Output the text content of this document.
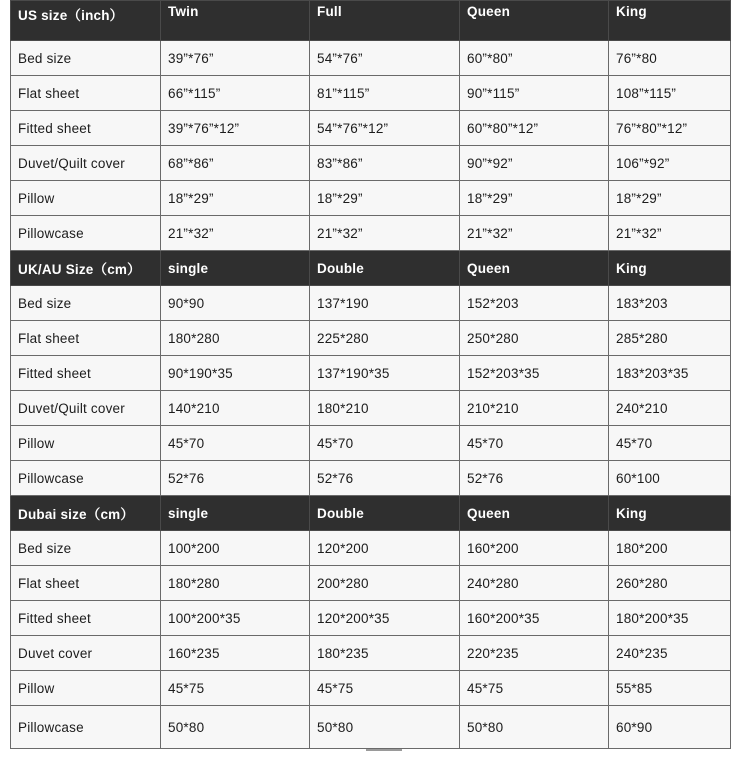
US size（inch）	Twin	Full	Queen	King
Bed size	39”*76”	54”*76”	60”*80”	76”*80
Flat sheet	66”*115”	81”*115”	90”*115”	108”*115”
Fitted sheet	39”*76”*12”	54”*76”*12”	60”*80”*12”	76”*80”*12”
Duvet/Quilt cover	68”*86”	83”*86”	90”*92”	106”*92”
Pillow	18”*29”	18”*29”	18”*29”	18”*29”
Pillowcase	21”*32”	21”*32”	21”*32”	21”*32”
UK/AU Size（cm）	single	Double	Queen	King
Bed size	90*90	137*190	152*203	183*203
Flat sheet	180*280	225*280	250*280	285*280
Fitted sheet	90*190*35	137*190*35	152*203*35	183*203*35
Duvet/Quilt cover	140*210	180*210	210*210	240*210
Pillow	45*70	45*70	45*70	45*70
Pillowcase	52*76	52*76	52*76	60*100
Dubai size（cm）	single	Double	Queen	King
Bed size	100*200	120*200	160*200	180*200
Flat sheet	180*280	200*280	240*280	260*280
Fitted sheet	100*200*35	120*200*35	160*200*35	180*200*35
Duvet cover	160*235	180*235	220*235	240*235
Pillow	45*75	45*75	45*75	55*85
Pillowcase	50*80	50*80	50*80	60*90
